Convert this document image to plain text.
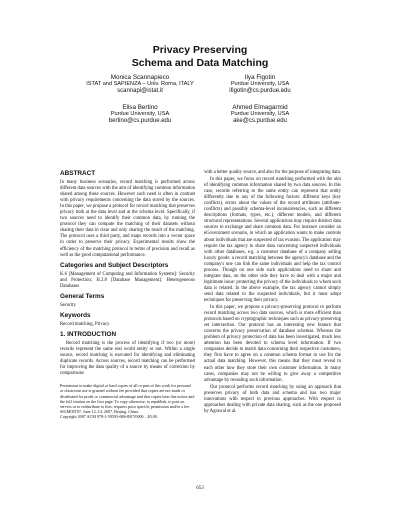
Privacy Preserving
Schema and Data Matching
Monica Scannapieco
ISTAT and SAPIENZA – Univ. Roma, ITALY
scannapi@istat.it
Ilya Figotin
Purdue University, USA
ifigotin@cs.purdue.edu
Elisa Bertino
Purdue University, USA
bertino@cs.purdue.edu
Ahmed Elmagarmid
Purdue University, USA
ake@cs.purdue.edu
ABSTRACT

In many business scenarios, record matching is performed across different data sources with the aim of identifying common information shared among these sources. However such need is often in contrast with privacy requirements concerning the data stored by the sources. In this paper, we propose a protocol for record matching that preserves privacy both at the data level and at the schema level. Specifically, if two sources need to identify their common data, by running the protocol they can compute the matching of their datasets without sharing their data in clear and only sharing the result of the matching. The protocol uses a third party, and maps records into a vector space in order to preserve their privacy. Experimental results show the efficiency of the matching protocol in terms of precision and recall as well as the good computational performance.

Categories and Subject Descriptors

K.6 [Management of Computing and Information Systems]: Security and Protection; H.2.8 [Database Management]: Heterogeneous Databases

General Terms

Security

Keywords

Record matching, Privacy

1. INTRODUCTION

Record matching is the process of identifying if two (or more) records represent the same real world entity or not. Within a single source, record matching is executed for identifying and eliminating duplicate records. Across sources, record matching can be performed for improving the data quality of a source by means of correction by comparisons

Permission to make digital or hard copies of all or part of this work for personal or classroom use is granted without fee provided that copies are not made or distributed for profit or commercial advantage and that copies bear this notice and the full citation on the first page. To copy otherwise, to republish, to post on servers or to redistribute to lists, requires prior specific permission and/or a fee.
SIGMOD'07, June 12–14, 2007, Beijing, China.
Copyright 2007 ACM 978-1-59593-686-8/07/0006 ...$5.00.

with a better quality source, and also for the purpose of integrating data.

In this paper, we focus on record matching performed with the aim of identifying common information shared by two data sources. In this case, records referring to the same entity can represent that entity differently due to any of the following factors: different keys (key conflicts), errors about the values of the record attributes (attribute-conflicts) and possibly schema-level inconsistencies, such as different descriptions (formats, types, etc.), different models, and different structural representations. Several applications may require distinct data sources to exchange and share common data. For instance consider an eGovernment scenario, in which an application wants to make controls about individuals that are suspected of tax evasion. The application may require the tax agency to share data concerning suspected individuals with other databases, e.g. a customer database of a company selling luxury goods: a record matching between the agency's database and the company's one can link the same individuals and help the tax control process. Though on one side such applications need to share and integrate data, on the other side they have to deal with a major and legitimate issue: protecting the privacy of the individuals to whom such data is related. In the above example, the tax agency cannot simply send data related to the suspected individuals, but it must adopt techniques for preserving their privacy.

In this paper, we propose a privacy-preserving protocol to perform record matching across two data sources, which is more efficient than protocols based on cryptographic techniques such as privacy-preserving set intersection. Our protocol has an interesting new feature that concerns the privacy preservation of database schemas. Whereas the problem of privacy protection of data has been investigated, much less attention has been devoted to schema level information. If two companies decide to match data concerning their respective customers, they first have to agree on a common schema format to use for the actual data matching. However, this means that they must reveal to each other how they store their own customer information. In many cases, companies may not be willing to give away a competitive advantage by revealing such information.

Our protocol performs record matching by using an approach that preserves privacy of both data and schema and has two major innovations with respect to previous approaches. With respect to approaches dealing with private data sharing, such as the one proposed by Agrawal et al.

653
